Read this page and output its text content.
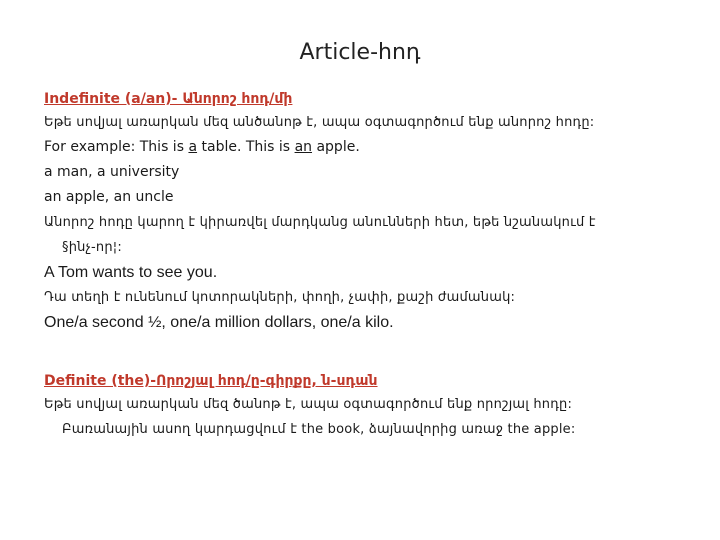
Article-հոդ
Indefinite (a/an)- Անորոշ հոդ/մի
Եթե սովյալ առարկան մեզ անծանոթ է, ապա օգտագործում ենք անորոշ հոդը:
For example: This is a table. This is an apple.
a man, a university
an apple, an uncle
Անորոշ հոդը կարող է կիրառվել մարդկանց անունների հետ, եթե նշանակում է
§ինչ-որ¦:
A Tom wants to see you.
Դա տեղի է ունենում կոտորակների, փողի, չափի, քաշի ժամանակ:
One/a second ½, one/a million dollars, one/a kilo.
Definite (the)-Որոշյալ հոդ/ը-գիրքը, ն-սդան
Եթե սովյալ առարկան մեզ ծանոթ է, ապա օգտագործում ենք որոշյալ հոդը:
Բառանային ասող կարդացվում է the book, ձայնավորից առաջ the apple:
